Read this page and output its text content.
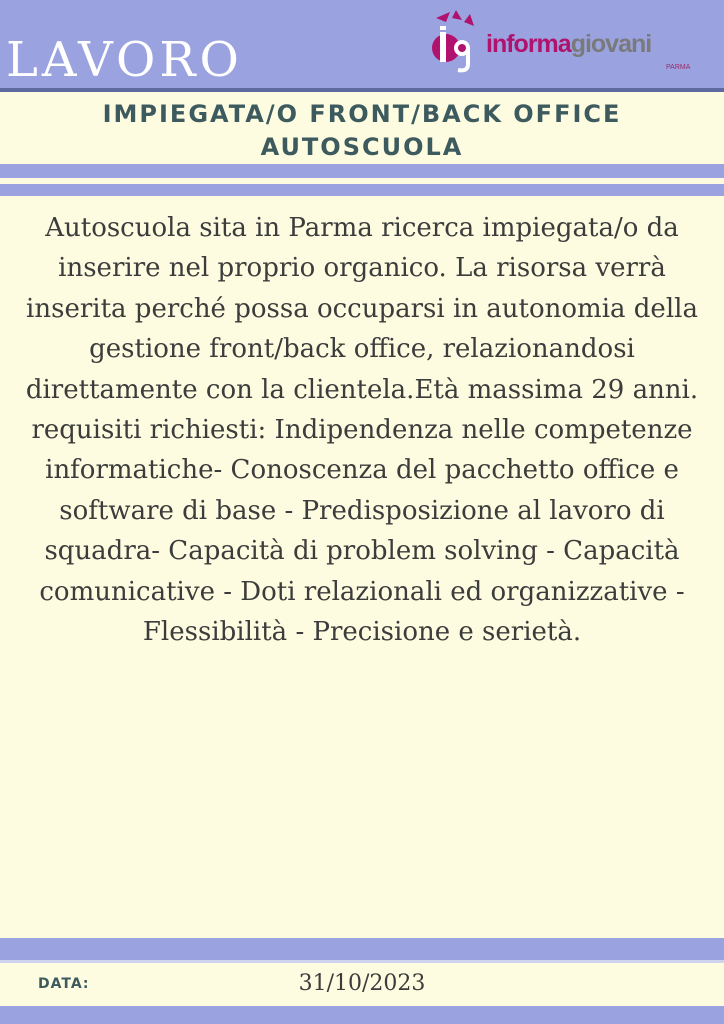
LAVORO	informagiovani
PARMA
IMPIEGATA/O FRONT/BACK OFFICE
AUTOSCUOLA

Autoscuola sita in Parma ricerca impiegata/o da inserire nel proprio organico. La risorsa verrà inserita perché possa occuparsi in autonomia della gestione front/back office, relazionandosi direttamente con la clientela.Età massima 29 anni. requisiti richiesti: Indipendenza nelle competenze informatiche- Conoscenza del pacchetto office e software di base - Predisposizione al lavoro di squadra- Capacità di problem solving - Capacità comunicative - Doti relazionali ed organizzative - Flessibilità - Precisione e serietà.

DATA:	31/10/2023
